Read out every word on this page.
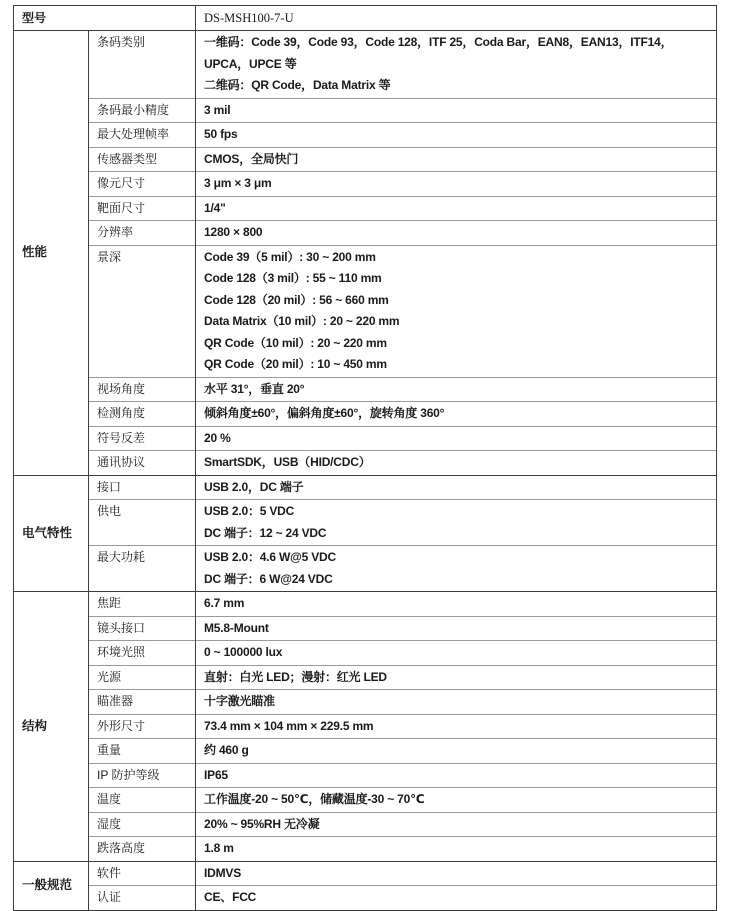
型号		DS-MSH100-7-U
性能	条码类别	一维码：Code 39，Code 93，Code 128，ITF 25，Coda Bar，EAN8，EAN13，ITF14，UPCA，UPCE 等
二维码：QR Code，Data Matrix 等

	条码最小精度	3 mil

	最大处理帧率	50 fps

	传感器类型	CMOS，全局快门

	像元尺寸	3 μm × 3 μm

	靶面尺寸	1/4"

	分辨率	1280 × 800

景深	Code 39（5 mil）: 30 ~ 200 mm
Code 128（3 mil）: 55 ~ 110 mm
Code 128（20 mil）: 56 ~ 660 mm
Data Matrix（10 mil）: 20 ~ 220 mm
QR Code（10 mil）: 20 ~ 220 mm
QR Code（20 mil）: 10 ~ 450 mm

	视场角度	水平 31°，垂直 20°

	检测角度	倾斜角度±60°，偏斜角度±60°，旋转角度 360°

	符号反差	20 %

	通讯协议	SmartSDK，USB（HID/CDC）

电气特性	接口	USB 2.0，DC 端子

	供电	USB 2.0：5 VDC
DC 端子：12 ~ 24 VDC

	最大功耗	USB 2.0：4.6 W@5 VDC
DC 端子：6 W@24 VDC

结构	焦距	6.7 mm

	镜头接口	M5.8-Mount

	环境光照	0 ~ 100000 lux

	光源	直射：白光 LED；漫射：红光 LED

	瞄准器	十字激光瞄准

	外形尺寸	73.4 mm × 104 mm × 229.5 mm

	重量	约 460 g

	IP 防护等级	IP65

	温度	工作温度-20 ~ 50℃，储藏温度-30 ~ 70℃

	湿度	20% ~ 95%RH 无冷凝

	跌落高度	1.8 m

一般规范	软件	IDMVS

	认证	CE、FCC
